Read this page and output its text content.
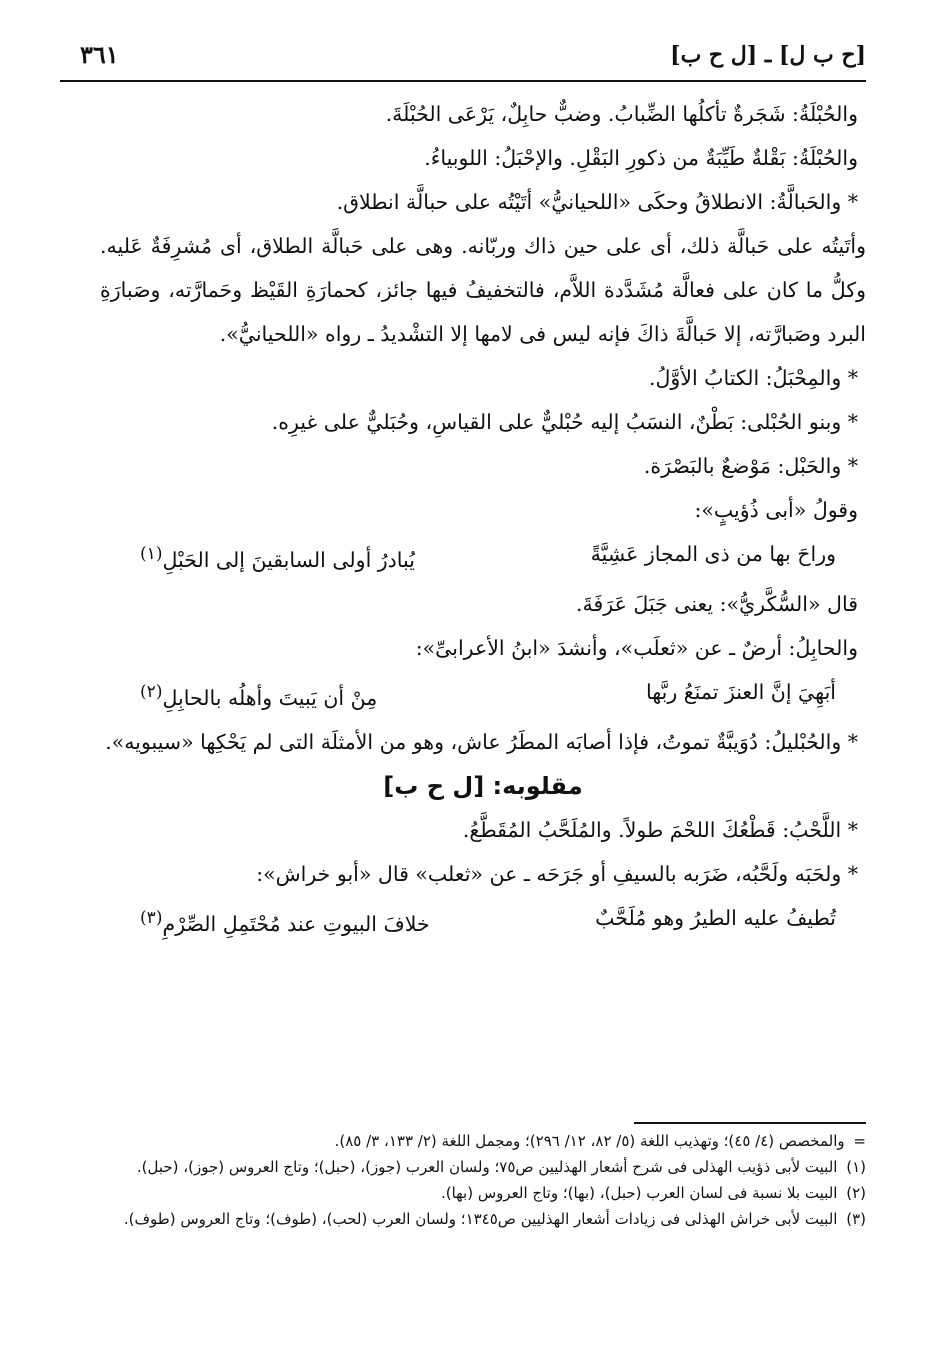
[ح ب ل] ـ [ل ح ب]
٣٦١

والحُبْلَةُ: شَجَرةٌ تأكلُها الضِّبابُ. وضبٌّ حابِلٌ، يَرْعَى الحُبْلَةَ.

والحُبْلَةُ: بَقْلةٌ طَيِّبَةٌ من ذكورِ البَقْلِ. والإحْبَلُ: اللوبياءُ.

* والحَبالَّةُ: الانطلاقُ وحكَى «اللحيانيُّ» أتَيْتُه على حبالَّة انطلاق.

وأتَيتُه على حَبالَّة ذلك، أى على حين ذاك وربّانه. وهى على حَبالَّة الطلاق، أى مُشرِفَةٌ عَليه. وكلُّ ما كان على فعالَّة مُشَدَّدة اللاَّم، فالتخفيفُ فيها جائز، كحمارَةِ القَيْظ وحَمارَّته، وصَبارَةِ البرد وصَبارَّته، إلا حَبالَّةَ ذاكَ فإنه ليس فى لامها إلا التشْديدُ ـ رواه «اللحيانيُّ».

* والمِحْبَلُ: الكتابُ الأوَّلُ.

* وبنو الحُبْلى: بَطْنٌ، النسَبُ إليه حُبْليٌّ على القياسِ، وحُبَليٌّ على غيرِه.

* والحَبْل: مَوْضعٌ بالبَصْرَة.

وقولُ «أبى ذُؤيبٍ»:

وراحَ بها من ذى المجاز عَشِيَّةً
يُبادرُ أولى السابقينَ إلى الحَبْلِ$^{(١)}$

قال «السُّكَّريُّ»: يعنى جَبَلَ عَرَفَةَ.

والحابِلُ: أرضٌ ـ عن «ثعلَب»، وأنشدَ «ابنُ الأعرابىِّ»:

أبَهِيَ إنَّ العنزَ تمنَعُ ربَّها
مِنْ أن يَبيتَ وأهلُه بالحابِلِ$^{(٢)}$

* والحُبْليلُ: دُوَيبَّةٌ تموتُ، فإذا أصابَه المطَرُ عاش، وهو من الأمثلَة التى لم يَحْكِها «سيبويه».

مقلوبه: [ل ح ب]

* اللَّحْبُ: قَطْعُكَ اللحْمَ طولاً. والمُلَحَّبُ المُقَطَّعُ.

* ولحَبَه ولَحَّبُه، ضَرَبه بالسيفِ أو جَرَحَه ـ عن «ثعلب» قال «أبو خراش»:

تُطيفُ عليه الطيرُ وهو مُلَحَّبٌ
خلافَ البيوتِ عند مُحْتَمِلِ الصِّرْمِ$^{(٣)}$

= والمخصص (٤/ ٤٥)؛ وتهذيب اللغة (٥/ ٨٢، ١٢/ ٢٩٦)؛ ومجمل اللغة (٢/ ١٣٣، ٣/ ٨٥).

(١) البيت لأبى ذؤيب الهذلى فى شرح أشعار الهذليين ص٧٥؛ ولسان العرب (جوز)، (حبل)؛ وتاج العروس (جوز)، (حبل).

(٢) البيت بلا نسبة فى لسان العرب (حبل)، (بها)؛ وتاج العروس (بها).

(٣) البيت لأبى خراش الهذلى فى زيادات أشعار الهذليين ص١٣٤٥؛ ولسان العرب (لحب)، (طوف)؛ وتاج العروس (طوف).
